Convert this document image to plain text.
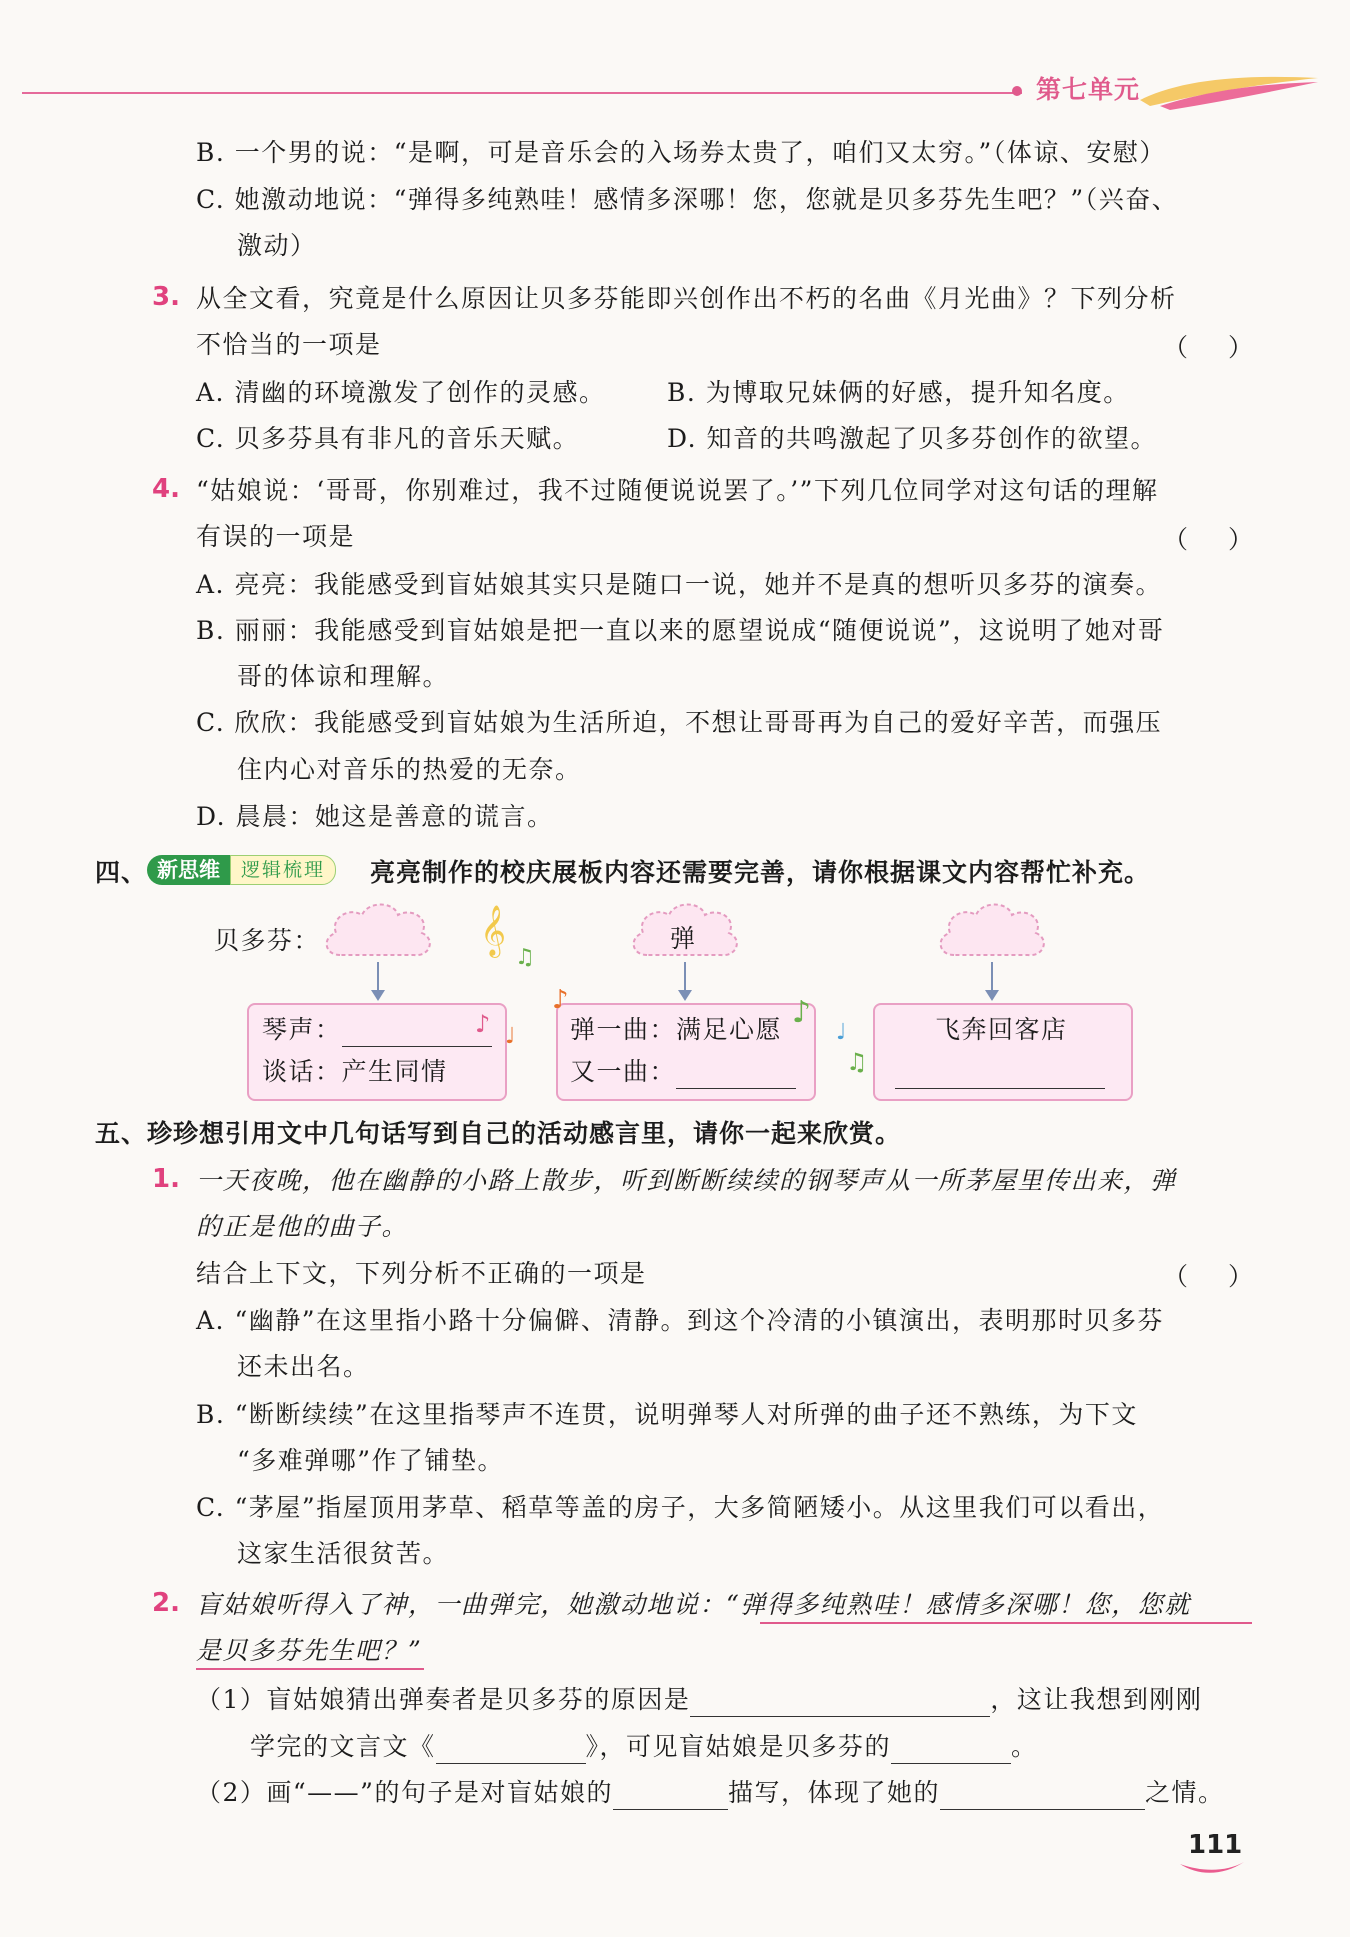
第七单元
B. 一个男的说：“是啊，可是音乐会的入场券太贵了，咱们又太穷。”（体谅、安慰）
C. 她激动地说：“弹得多纯熟哇！感情多深哪！您，您就是贝多芬先生吧？”（兴奋、
激动）
3. 从全文看，究竟是什么原因让贝多芬能即兴创作出不朽的名曲《月光曲》？下列分析
不恰当的一项是	（）
A. 清幽的环境激发了创作的灵感。 B. 为博取兄妹俩的好感，提升知名度。
C. 贝多芬具有非凡的音乐天赋。	D. 知音的共鸣激起了贝多芬创作的欲望。
4. “姑娘说：‘哥哥，你别难过，我不过随便说说罢了。’”下列几位同学对这句话的理解
有误的一项是	（）
A. 亮亮：我能感受到盲姑娘其实只是随口一说，她并不是真的想听贝多芬的演奏。
B. 丽丽：我能感受到盲姑娘是把一直以来的愿望说成“随便说说”，这说明了她对哥
哥的体谅和理解。
C. 欣欣：我能感受到盲姑娘为生活所迫，不想让哥哥再为自己的爱好辛苦，而强压
住内心对音乐的热爱的无奈。
D. 晨晨：她这是善意的谎言。
四、 新思维	逻辑梳理	亮亮制作的校庆展板内容还需要完善，请你根据课文内容帮忙补充。
贝多芬：	弹
琴声：
谈话：产生同情
弹一曲：满足心愿
又一曲：
飞奔回客店
𝄞
♫
♪
♪ ♩
♪
♩
♫
五、珍珍想引用文中几句话写到自己的活动感言里，请你一起来欣赏。
1. 一天夜晚，他在幽静的小路上散步，听到断断续续的钢琴声从一所茅屋里传出来，弹
的正是他的曲子。
结合上下文，下列分析不正确的一项是	（）
A. “幽静”在这里指小路十分偏僻、清静。到这个冷清的小镇演出，表明那时贝多芬
还未出名。
B. “断断续续”在这里指琴声不连贯，说明弹琴人对所弹的曲子还不熟练，为下文
“多难弹哪”作了铺垫。
C. “茅屋”指屋顶用茅草、稻草等盖的房子，大多简陋矮小。从这里我们可以看出，
这家生活很贫苦。
2. 盲姑娘听得入了神，一曲弹完，她激动地说：“弹得多纯熟哇！感情多深哪！您，您就
是贝多芬先生吧？”
（1）盲姑娘猜出弹奏者是贝多芬的原因是	，这让我想到刚刚
学完的文言文《	》，可见盲姑娘是贝多芬的	。
（2）画“——”的句子是对盲姑娘的	描写，体现了她的	之情。
111
